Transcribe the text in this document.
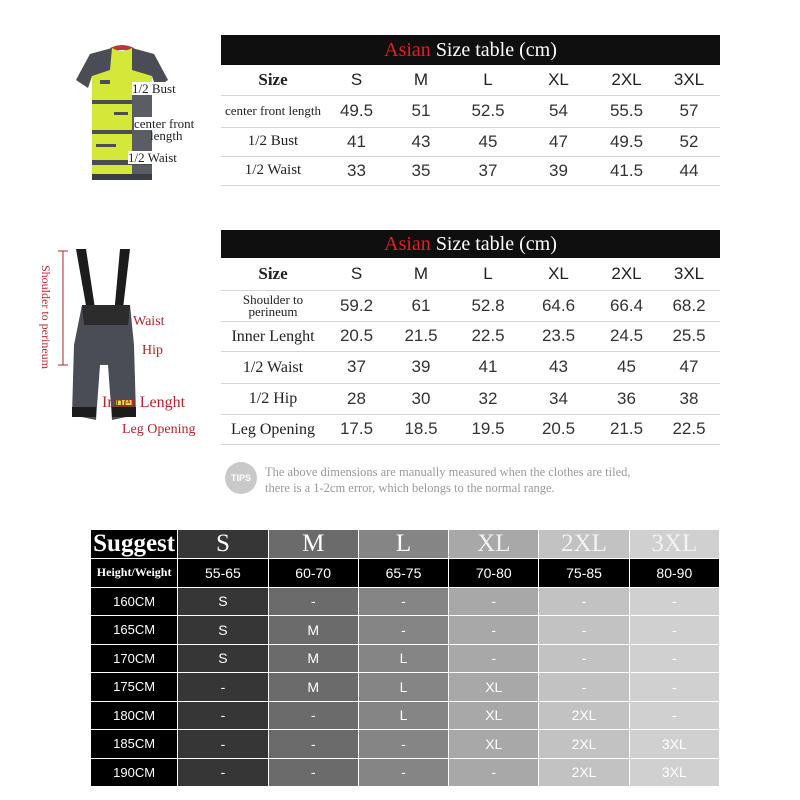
1/2 Bust
center front
length
1/2 Waist
Shoulder to perineum	Waist
Hip
Inner Lenght
Leg Opening
Asian Size table (cm)						
Size	S	M	L	XL	2XL	3XL
center front length	49.5	51	52.5	54	55.5	57
1/2 Bust	41	43	45	47	49.5	52
1/2 Waist	33	35	37	39	41.5	44
Asian Size table (cm)						
Size	S	M	L	XL	2XL	3XL
Shoulder to perineum	59.2	61	52.8	64.6	66.4	68.2
Inner Lenght	20.5	21.5	22.5	23.5	24.5	25.5
1/2 Waist	37	39	41	43	45	47
1/2 Hip	28	30	32	34	36	38
Leg Opening	17.5	18.5	19.5	20.5	21.5	22.5
TIPS	The above dimensions are manually measured when the clothes are tiled,
there is a 1-2cm error, which belongs to the normal range.
Suggest	S	M	L	XL	2XL	3XL
Height/Weight	55-65	60-70	65-75	70-80	75-85	80-90
160CM	S	-	-	-	-	-
165CM	S	M	-	-	-	-
170CM	S	M	L	-	-	-
175CM	-	M	L	XL	-	-
180CM	-	-	L	XL	2XL	-
185CM	-	-	-	XL	2XL	3XL
190CM	-	-	-	-	2XL	3XL
